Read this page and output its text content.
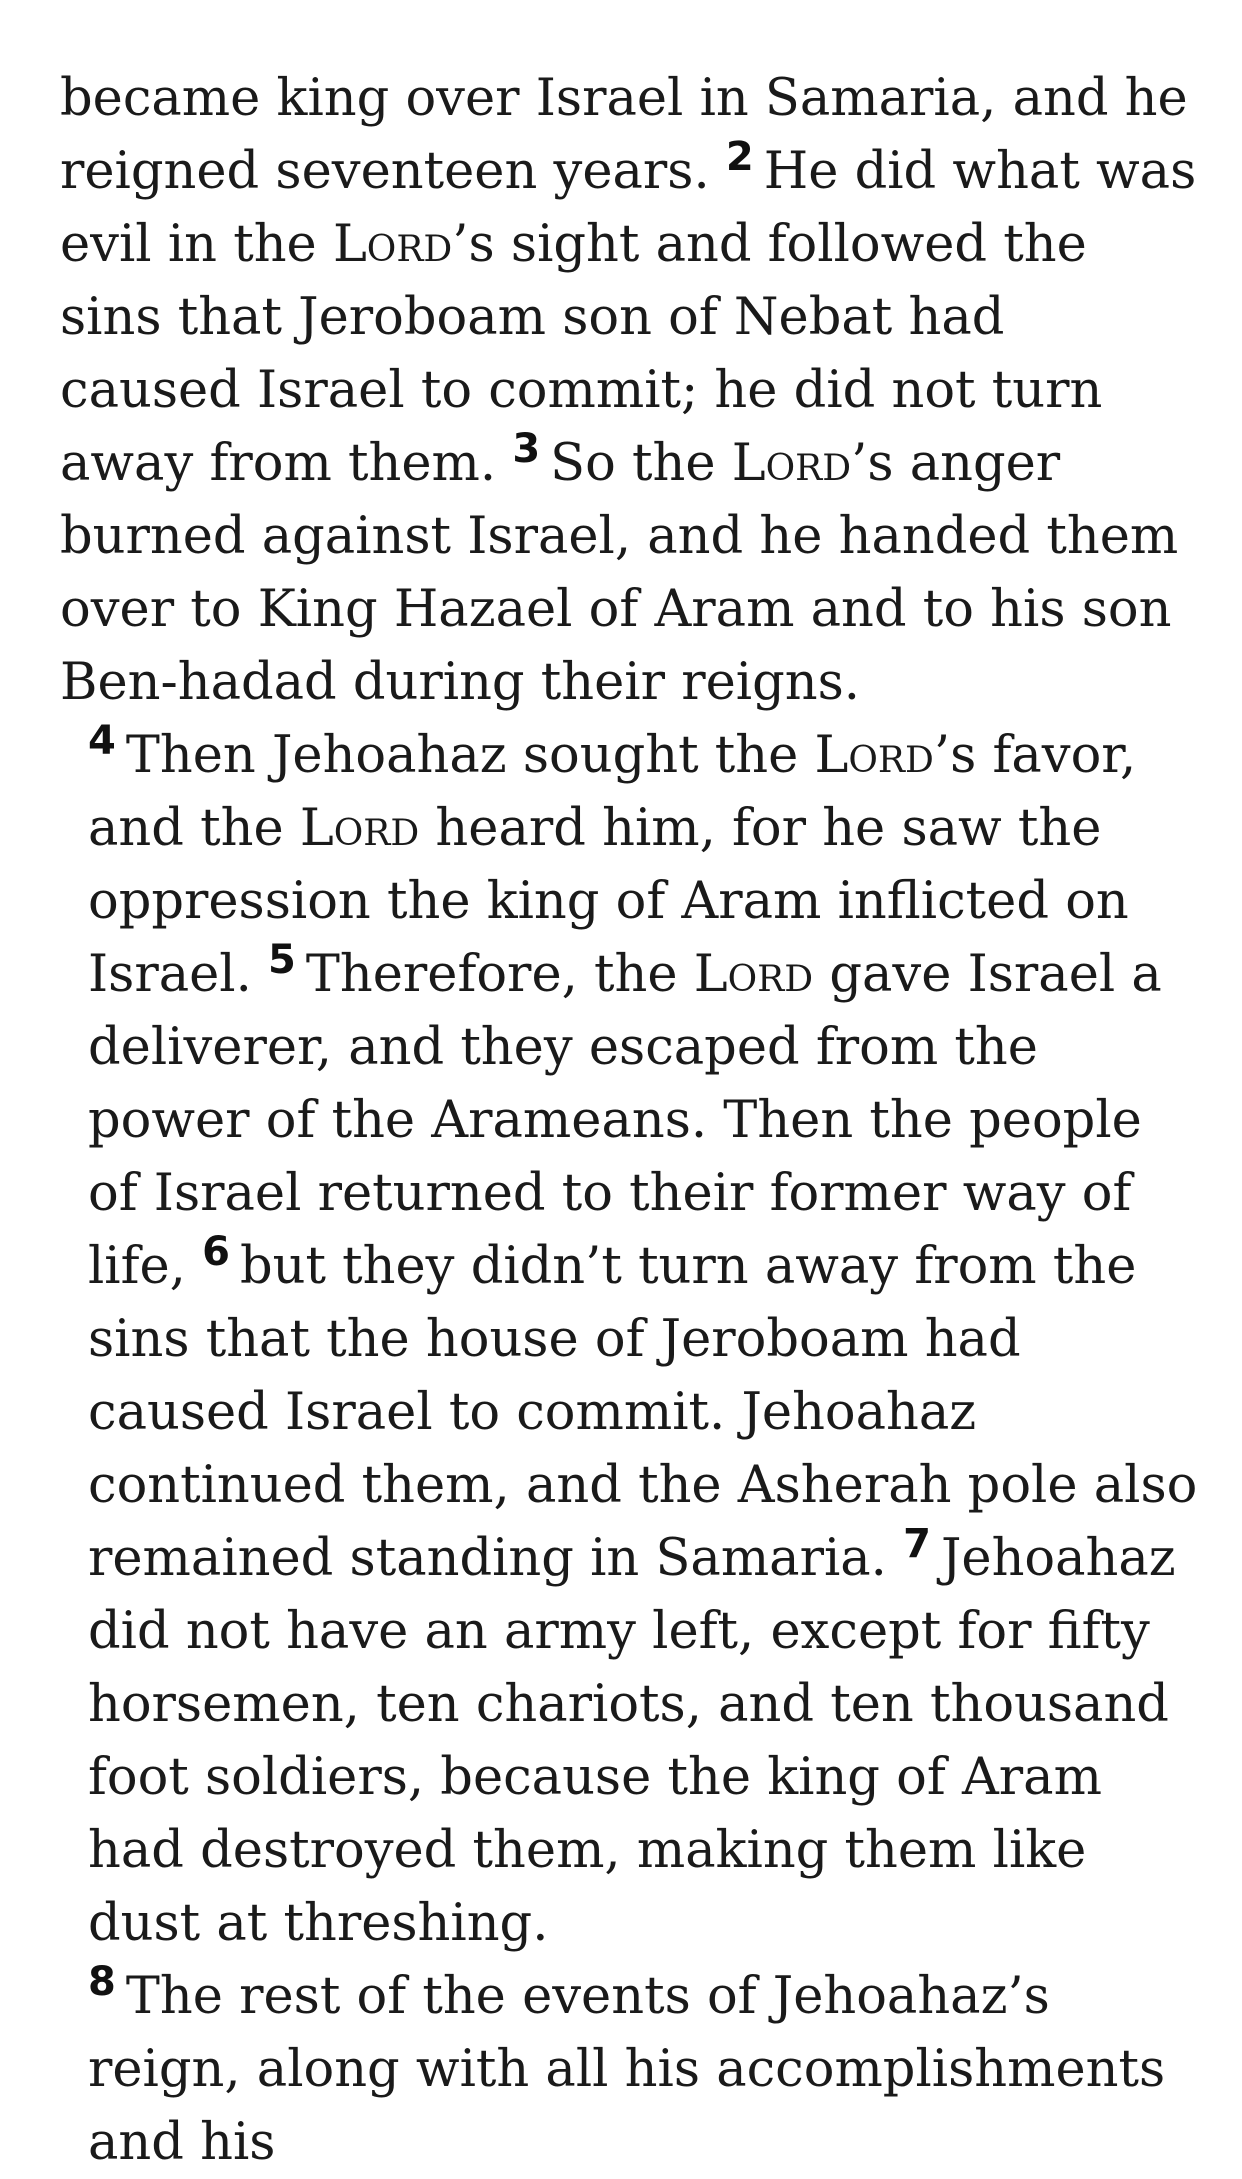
became king over Israel in Samaria, and he reigned seventeen years. $^2$ He did what was evil in the Lord’s sight and followed the sins that Jeroboam son of Nebat had caused Israel to commit; he did not turn away from them. $^3$ So the Lord’s anger burned against Israel, and he handed them over to King Hazael of Aram and to his son Ben-hadad during their reigns.

$^4$ Then Jehoahaz sought the Lord’s favor, and the Lord heard him, for he saw the oppression the king of Aram inflicted on Israel. $^5$ Therefore, the Lord gave Israel a deliverer, and they escaped from the power of the Arameans. Then the people of Israel returned to their former way of life, $^6$ but they didn’t turn away from the sins that the house of Jeroboam had caused Israel to commit. Jehoahaz continued them, and the Asherah pole also remained standing in Samaria. $^7$ Jehoahaz did not have an army left, except for fifty horsemen, ten chariots, and ten thousand foot soldiers, because the king of Aram had destroyed them, making them like dust at threshing.

$^8$ The rest of the events of Jehoahaz’s reign, along with all his accomplishments and his
